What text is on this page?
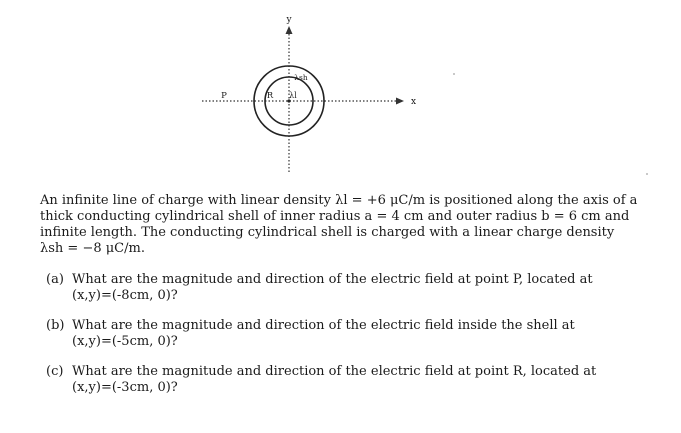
y
x
P	R λl
λsh

An infinite line of charge with linear density λl = +6 μC/m is positioned along the axis of a
thick conducting cylindrical shell of inner radius a = 4 cm and outer radius b = 6 cm and
infinite length. The conducting cylindrical shell is charged with a linear charge density
λsh = −8 μC/m.

(a) What are the magnitude and direction of the electric field at point P, located at
(x,y)=(-8cm, 0)?
(b) What are the magnitude and direction of the electric field inside the shell at
(x,y)=(-5cm, 0)?
(c) What are the magnitude and direction of the electric field at point R, located at
(x,y)=(-3cm, 0)?
